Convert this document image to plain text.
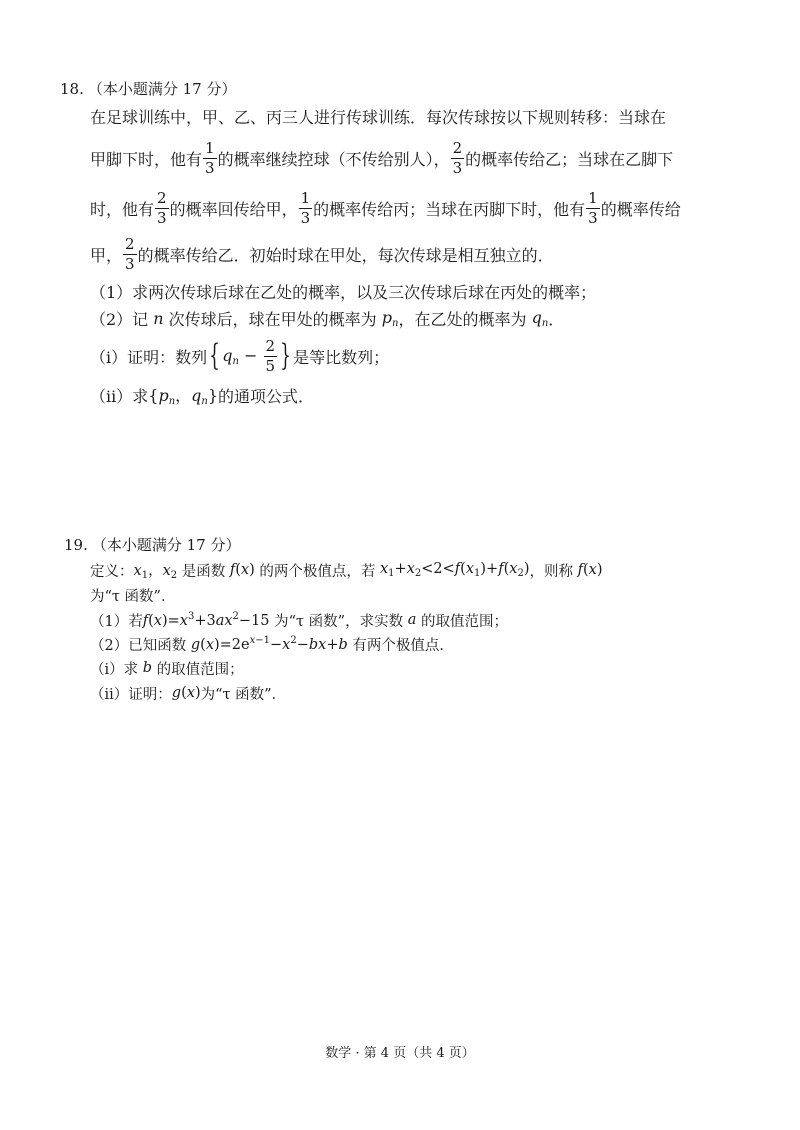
18. （本小题满分 17 分）
在足球训练中，甲、乙、丙三人进行传球训练．每次传球按以下规则转移：当球在
甲脚下时，他有 $\frac{1}{3}$ 的概率继续控球（不传给别人）， $\frac{2}{3}$ 的概率传给乙；当球在乙脚下
时，他有 $\frac{2}{3}$ 的概率回传给甲， $\frac{1}{3}$ 的概率传给丙；当球在丙脚下时，他有 $\frac{1}{3}$ 的概率传给
甲， $\frac{2}{3}$ 的概率传给乙．初始时球在甲处，每次传球是相互独立的．
（1）求两次传球后球在乙处的概率，以及三次传球后球在丙处的概率；
（2）记 n 次传球后，球在甲处的概率为 $p_n$ ，在乙处的概率为 $q_n$ ．
（ⅰ）证明：数列 { $q_n - \frac{2}{5}$ } 是等比数列；
（ⅱ）求 {$p_n$，$q_n$} 的通项公式．
19. （本小题满分 17 分）
定义： $x_1$，$x_2$ 是函数 f(x) 的两个极值点，若 $x_1+x_2<2<f(x_1)+f(x_2)$ ，则称 f(x)
为“τ 函数”．
（1）若 $f(x)=x^3+3ax^2-15$ 为“τ 函数”，求实数 a 的取值范围；
（2）已知函数 $g(x)=2e^{x-1}-x^2-bx+b$ 有两个极值点．
（i）求 b 的取值范围；
（ii）证明： g(x) 为“τ 函数”．
数学 · 第 4 页（共 4 页）
